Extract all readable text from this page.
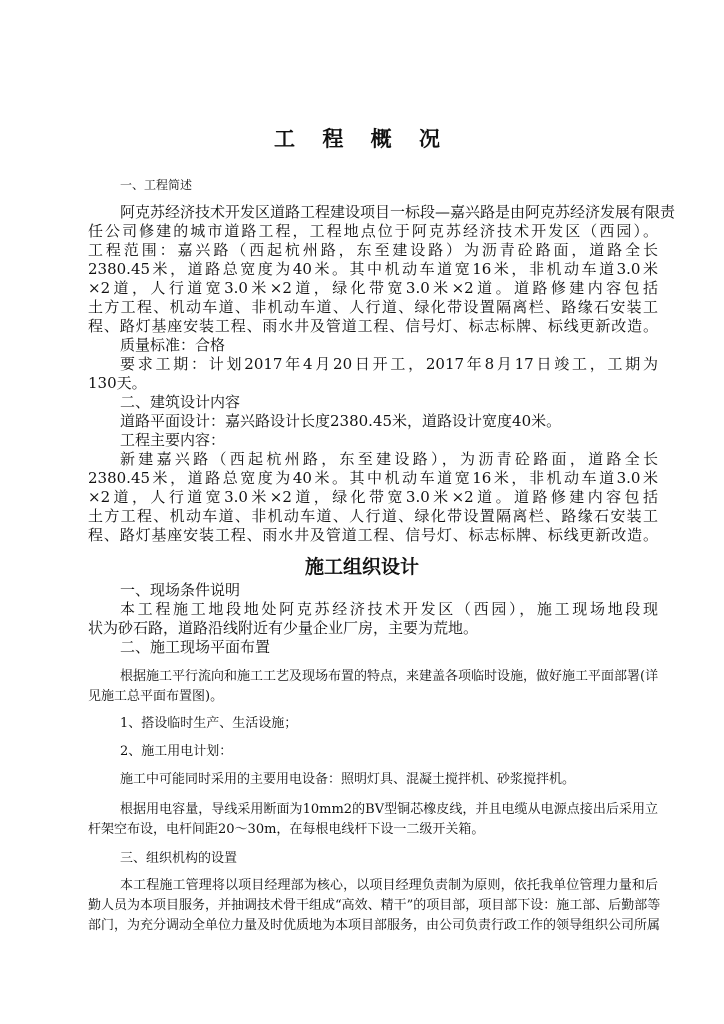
工 程 概 况
一、工程简述
阿克苏经济技术开发区道路工程建设项目一标段—嘉兴路是由阿克苏经济发展有限责
任公司修建的城市道路工程，工程地点位于阿克苏经济技术开发区（西园）。
工程范围：嘉兴路（西起杭州路，东至建设路）为沥青砼路面，道路全长
2380.45米，道路总宽度为40米。其中机动车道宽16米，非机动车道3.0米
×2道，人行道宽3.0米×2道，绿化带宽3.0米×2道。道路修建内容包括
土方工程、机动车道、非机动车道、人行道、绿化带设置隔离栏、路缘石安装工
程、路灯基座安装工程、雨水井及管道工程、信号灯、标志标牌、标线更新改造。
质量标准：合格
要求工期：计划2017年4月20日开工，2017年8月17日竣工，工期为
130天。
二、建筑设计内容
道路平面设计：嘉兴路设计长度2380.45米，道路设计宽度40米。
工程主要内容：
新建嘉兴路（西起杭州路，东至建设路），为沥青砼路面，道路全长
2380.45米，道路总宽度为40米。其中机动车道宽16米，非机动车道3.0米
×2道，人行道宽3.0米×2道，绿化带宽3.0米×2道。道路修建内容包括
土方工程、机动车道、非机动车道、人行道、绿化带设置隔离栏、路缘石安装工
程、路灯基座安装工程、雨水井及管道工程、信号灯、标志标牌、标线更新改造。
施工组织设计
一、现场条件说明
本工程施工地段地处阿克苏经济技术开发区（西园），施工现场地段现
状为砂石路，道路沿线附近有少量企业厂房，主要为荒地。
二、施工现场平面布置
根据施工平行流向和施工工艺及现场布置的特点，来建盖各项临时设施，做好施工平面部署(详
见施工总平面布置图)。
1、搭设临时生产、生活设施；
2、施工用电计划：
施工中可能同时采用的主要用电设备：照明灯具、混凝土搅拌机、砂浆搅拌机。
根据用电容量，导线采用断面为10mm2的BV型铜芯橡皮线，并且电缆从电源点接出后采用立
杆架空布设，电杆间距20～30m，在每根电线杆下设一二级开关箱。
三、组织机构的设置
本工程施工管理将以项目经理部为核心，以项目经理负责制为原则，依托我单位管理力量和后
勤人员为本项目服务，并抽调技术骨干组成“高效、精干”的项目部，项目部下设：施工部、后勤部等
部门，为充分调动全单位力量及时优质地为本项目部服务，由公司负责行政工作的领导组织公司所属
